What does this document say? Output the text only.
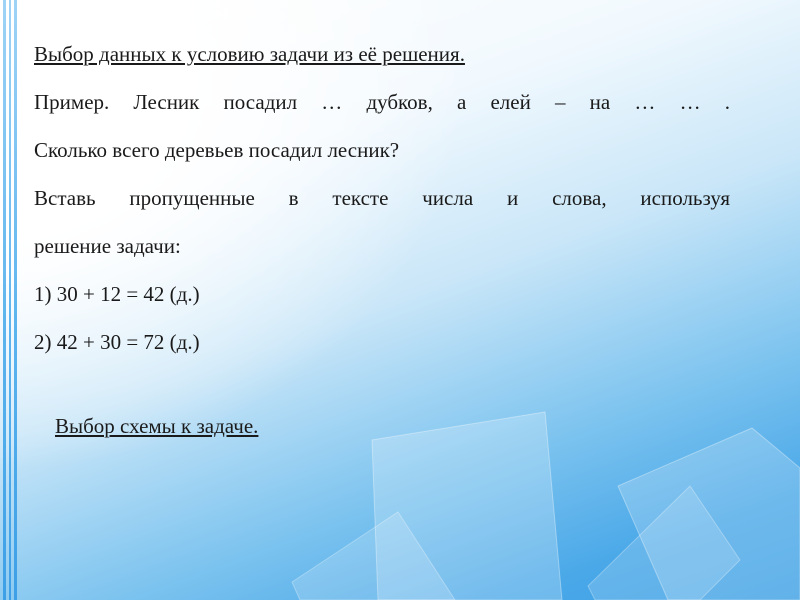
Выбор данных к условию задачи из её решения.
Пример. Лесник посадил … дубков, а елей – на … … .
Сколько всего деревьев посадил лесник?
Вставь пропущенные в тексте числа и слова, используя
решение задачи:
1) 30 + 12 = 42 (д.)
2) 42 + 30 = 72 (д.)
Выбор схемы к задаче.
